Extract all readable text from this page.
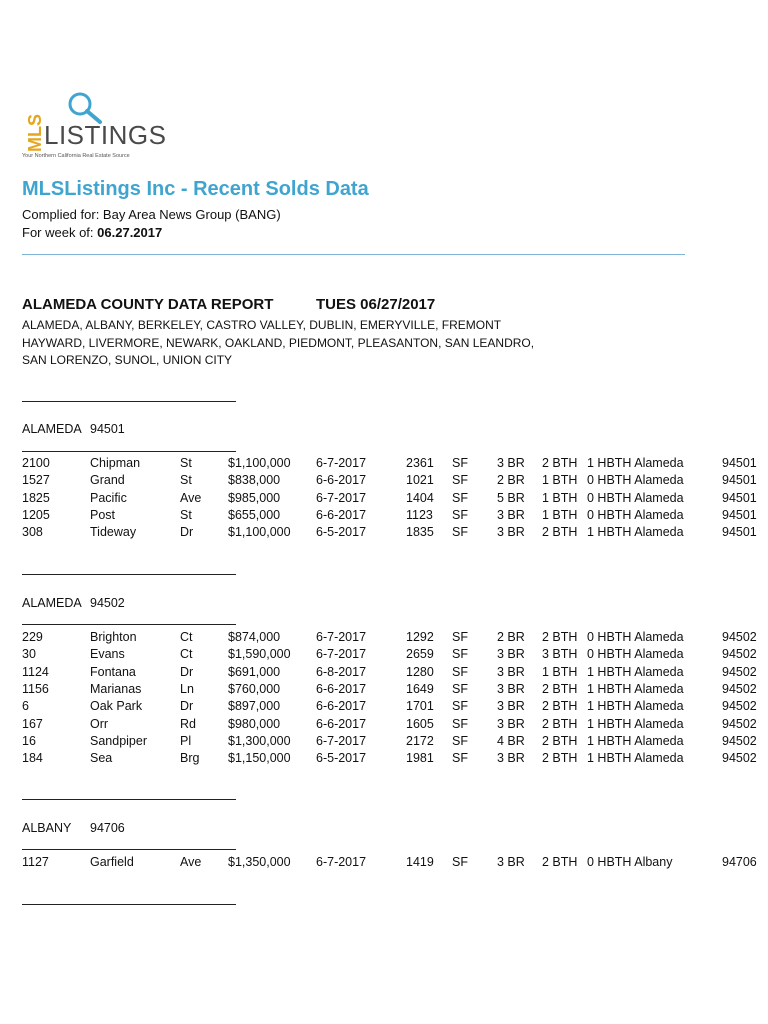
MLS LISTINGS
Your Northern California Real Estate Source
MLSListings Inc - Recent Solds Data
Complied for: Bay Area News Group (BANG)
For week of: 06.27.2017
ALAMEDA COUNTY DATA REPORT	TUES 06/27/2017
ALAMEDA, ALBANY, BERKELEY, CASTRO VALLEY, DUBLIN, EMERYVILLE, FREMONT
HAYWARD, LIVERMORE, NEWARK, OAKLAND, PIEDMONT, PLEASANTON, SAN LEANDRO,
SAN LORENZO, SUNOL, UNION CITY
ALAMEDA 94501
2100	Chipman	St	$1,100,000 6-7-2017	2361 SF 3 BR 2 BTH 1 HBTH Alameda	94501
1527	Grand	St	$838,000	6-6-2017	1021 SF 2 BR 1 BTH 0 HBTH Alameda	94501
1825	Pacific	Ave $985,000	6-7-2017	1404 SF 5 BR 1 BTH 0 HBTH Alameda	94501
1205	Post	St	$655,000	6-6-2017	1123 SF 3 BR 1 BTH 0 HBTH Alameda	94501
308	Tideway	Dr	$1,100,000 6-5-2017	1835 SF 3 BR 2 BTH 1 HBTH Alameda	94501
ALAMEDA 94502
229	Brighton	Ct	$874,000	6-7-2017	1292 SF 2 BR 2 BTH 0 HBTH Alameda	94502
30	Evans	Ct	$1,590,000 6-7-2017	2659 SF 3 BR 3 BTH 0 HBTH Alameda	94502
1124	Fontana	Dr	$691,000	6-8-2017	1280 SF 3 BR 1 BTH 1 HBTH Alameda	94502
1156	Marianas	Ln	$760,000	6-6-2017	1649 SF 3 BR 2 BTH 1 HBTH Alameda	94502
6	Oak Park	Dr	$897,000	6-6-2017	1701 SF 3 BR 2 BTH 1 HBTH Alameda	94502
167	Orr	Rd	$980,000	6-6-2017	1605 SF 3 BR 2 BTH 1 HBTH Alameda	94502
16	Sandpiper	Pl	$1,300,000 6-7-2017	2172 SF 4 BR 2 BTH 1 HBTH Alameda	94502
184	Sea	Brg $1,150,000 6-5-2017	1981 SF 3 BR 2 BTH 1 HBTH Alameda	94502
ALBANY 94706
1127	Garfield	Ave $1,350,000 6-7-2017	1419 SF 3 BR 2 BTH 0 HBTH Albany	94706
